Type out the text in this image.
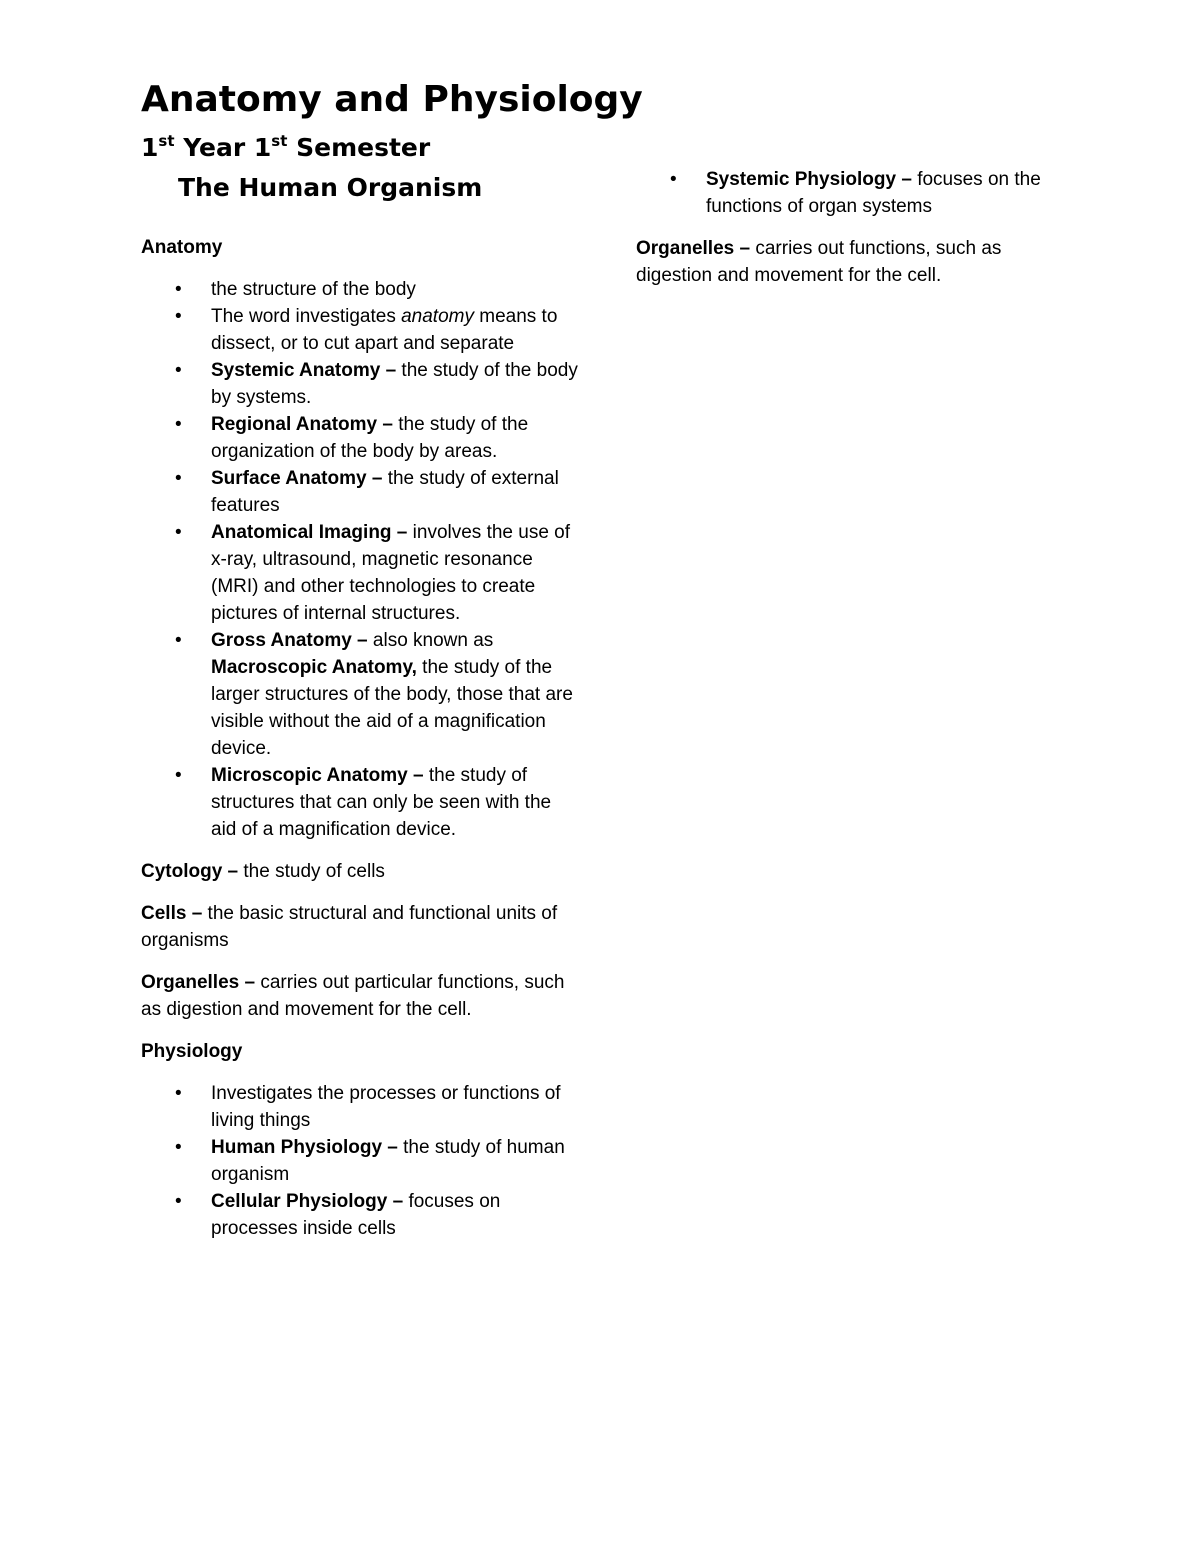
Anatomy and Physiology
1st Year 1st Semester
The Human Organism
Anatomy
• the structure of the body
• The word investigates anatomy means to dissect, or to cut apart and separate
• Systemic Anatomy – the study of the body by systems.
• Regional Anatomy – the study of the organization of the body by areas.
• Surface Anatomy – the study of external features
• Anatomical Imaging – involves the use of x-ray, ultrasound, magnetic resonance (MRI) and other technologies to create pictures of internal structures.
• Gross Anatomy – also known as Macroscopic Anatomy, the study of the larger structures of the body, those that are visible without the aid of a magnification device.
• Microscopic Anatomy – the study of structures that can only be seen with the aid of a magnification device.

Cytology – the study of cells

Cells – the basic structural and functional units of organisms

Organelles – carries out particular functions, such as digestion and movement for the cell.

Physiology
• Investigates the processes or functions of living things
• Human Physiology – the study of human organism
• Cellular Physiology – focuses on processes inside cells
• Systemic Physiology – focuses on the functions of organ systems

Organelles – carries out functions, such as digestion and movement for the cell.
